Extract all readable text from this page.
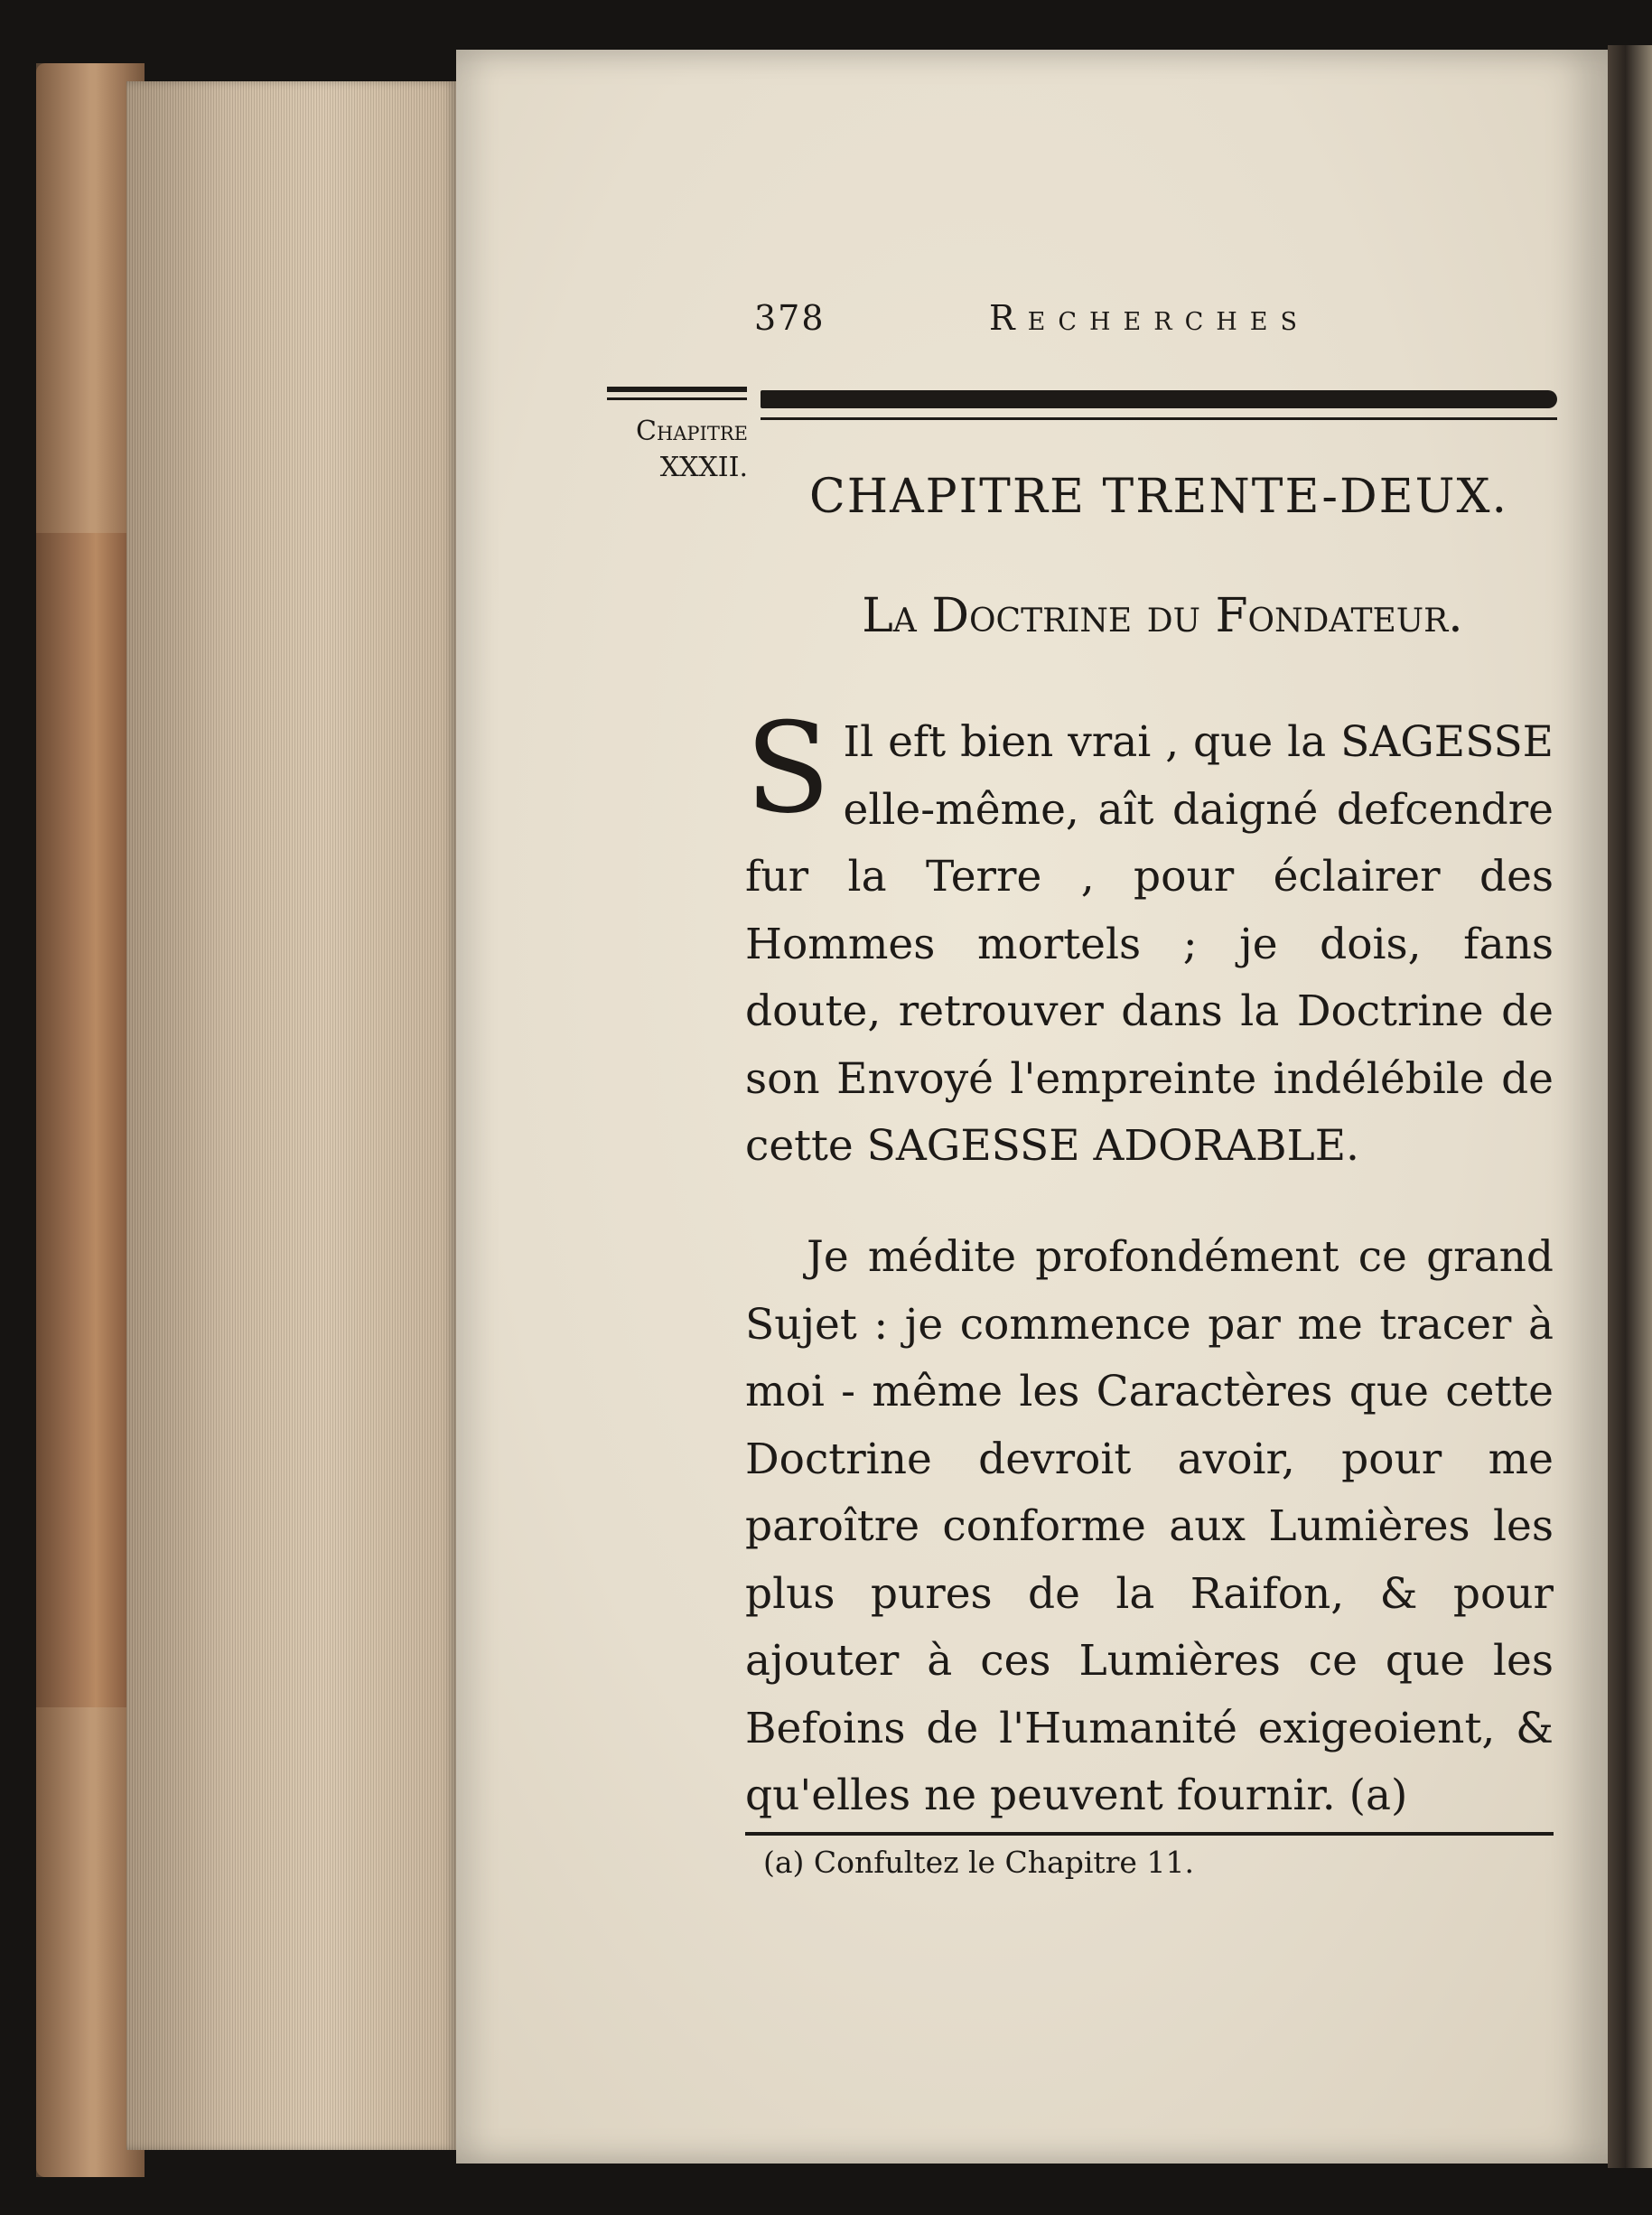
378	Recherches
Chapitre
XXXII.
CHAPITRE TRENTE-DEUX.
La Doctrine du Fondateur.
S Il eft bien vrai , que la SAGESSE elle-même, aît daigné defcendre fur la Terre , pour éclairer des Hommes mortels ; je dois, fans doute, retrouver dans la Doctrine de son Envoyé l'empreinte indélébile de cette SAGESSE ADORABLE.
Je médite profondément ce grand Sujet : je commence par me tracer à moi - même les Caractères que cette Doctrine devroit avoir, pour me paroître conforme aux Lumières les plus pures de la Raifon, & pour ajouter à ces Lumières ce que les Befoins de l'Humanité exigeoient, & qu'elles ne peuvent fournir. (a)
(a) Confultez le Chapitre 11.
